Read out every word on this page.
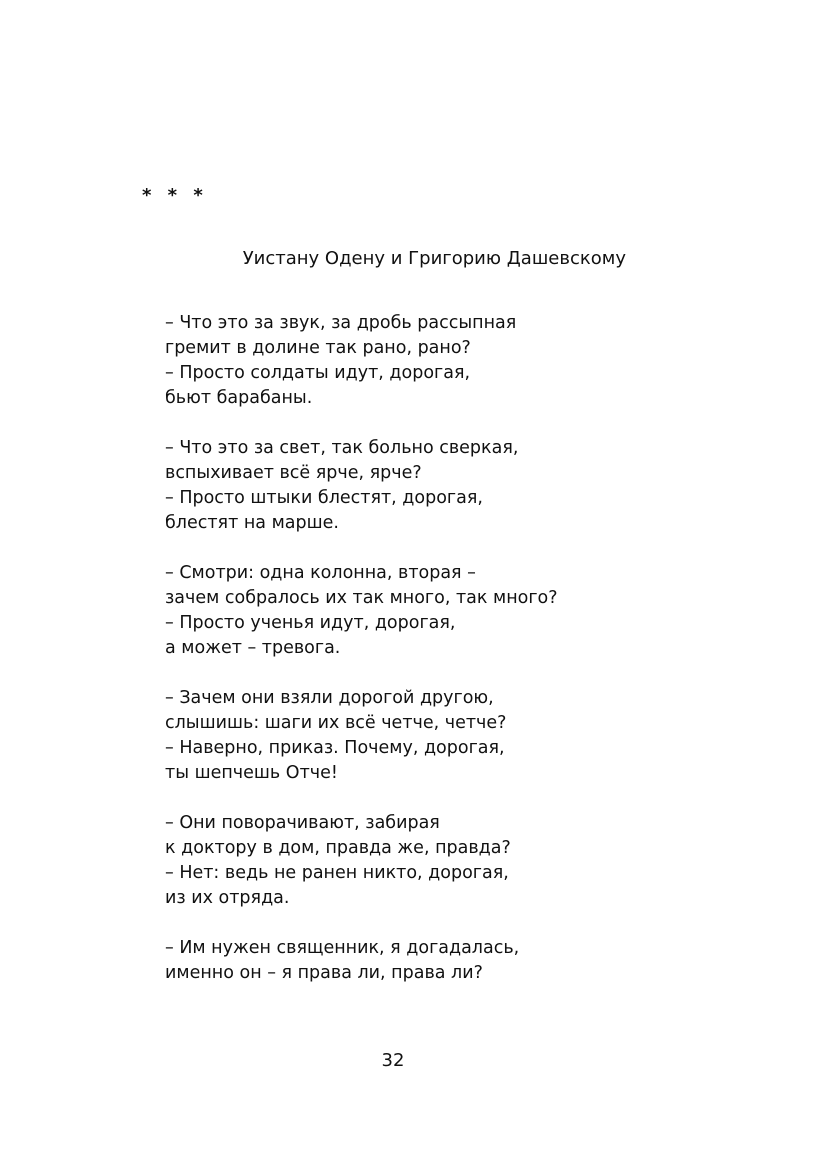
* * *
Уистану Одену и Григорию Дашевскому
– Что это за звук, за дробь рассыпная
гремит в долине так рано, рано?
– Просто солдаты идут, дорогая,
бьют барабаны.
– Что это за свет, так больно сверкая,
вспыхивает всё ярче, ярче?
– Просто штыки блестят, дорогая,
блестят на марше.
– Смотри: одна колонна, вторая –
зачем собралось их так много, так много?
– Просто ученья идут, дорогая,
а может – тревога.
– Зачем они взяли дорогой другою,
слышишь: шаги их всё четче, четче?
– Наверно, приказ. Почему, дорогая,
ты шепчешь Отче!
– Они поворачивают, забирая
к доктору в дом, правда же, правда?
– Нет: ведь не ранен никто, дорогая,
из их отряда.
– Им нужен священник, я догадалась,
именно он – я права ли, права ли?
32
